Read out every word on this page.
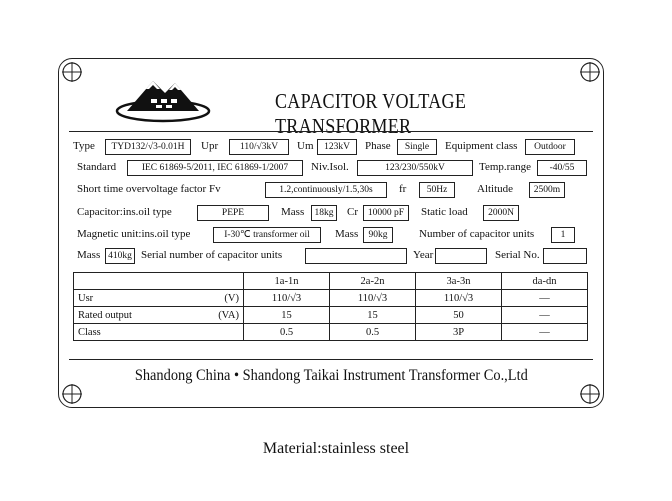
CAPACITOR VOLTAGE TRANSFORMER
Type	TYD132/√3-0.01H	Upr	110/√3kV	Um	123kV	Phase	Single	Equipment class	Outdoor
Standard	IEC 61869-5/2011, IEC 61869-1/2007	Niv.Isol.	123/230/550kV	Temp.range	-40/55
Short time overvoltage factor Fv	1.2,continuously/1.5,30s	fr	50Hz	Altitude	2500m
Capacitor:ins.oil type	PEPE	Mass	18kg	Cr	10000 pF	Static load	2000N
Magnetic unit:ins.oil type	I-30℃ transformer oil	Mass	90kg	Number of capacitor units	1
Mass 410kg Serial number of capacitor units	Year	Serial No.
	1a-1n	2a-2n	3a-3n	da-dn
Usr (V)	110/√3	110/√3	110/√3	—
Rated output (VA)	15	15	50	—
Class	0.5	0.5	3P	—
Shandong China • Shandong Taikai Instrument Transformer Co.,Ltd
Material:stainless steel
